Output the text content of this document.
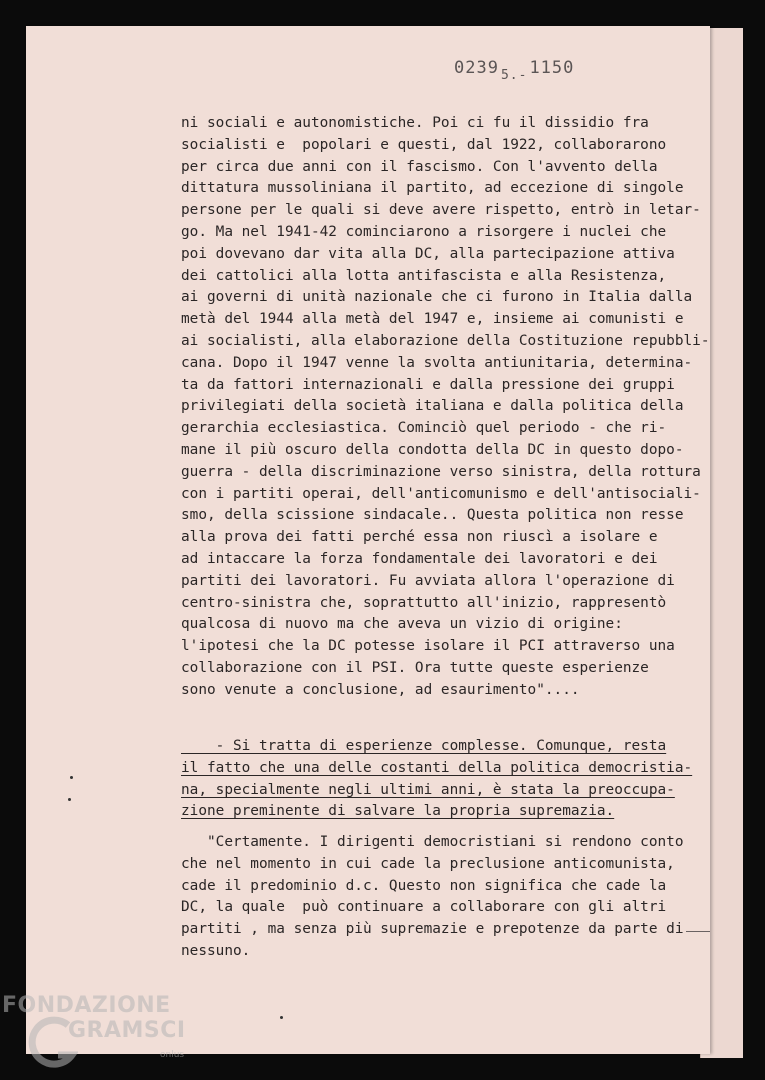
0239 $_{5.-}$ 1150
ni sociali e autonomistiche. Poi ci fu il dissidio fra
socialisti e  popolari e questi, dal 1922, collaborarono
per circa due anni con il fascismo. Con l'avvento della
dittatura mussoliniana il partito, ad eccezione di singole
persone per le quali si deve avere rispetto, entrò in letar-
go. Ma nel 1941-42 cominciarono a risorgere i nuclei che
poi dovevano dar vita alla DC, alla partecipazione attiva
dei cattolici alla lotta antifascista e alla Resistenza,
ai governi di unità nazionale che ci furono in Italia dalla
metà del 1944 alla metà del 1947 e, insieme ai comunisti e
ai socialisti, alla elaborazione della Costituzione repubbli-
cana. Dopo il 1947 venne la svolta antiunitaria, determina-
ta da fattori internazionali e dalla pressione dei gruppi
privilegiati della società italiana e dalla politica della
gerarchia ecclesiastica. Cominciò quel periodo - che ri-
mane il più oscuro della condotta della DC in questo dopo-
guerra - della discriminazione verso sinistra, della rottura
con i partiti operai, dell'anticomunismo e dell'antisociali-
smo, della scissione sindacale.. Questa politica non resse
alla prova dei fatti perché essa non riuscì a isolare e
ad intaccare la forza fondamentale dei lavoratori e dei
partiti dei lavoratori. Fu avviata allora l'operazione di
centro-sinistra che, soprattutto all'inizio, rappresentò
qualcosa di nuovo ma che aveva un vizio di origine:
l'ipotesi che la DC potesse isolare il PCI attraverso una
collaborazione con il PSI. Ora tutte queste esperienze
sono venute a conclusione, ad esaurimento"....
- Si tratta di esperienze complesse. Comunque, resta
il fatto che una delle costanti della politica democristia-
na, specialmente negli ultimi anni, è stata la preoccupa-
zione preminente di salvare la propria supremazia.
"Certamente. I dirigenti democristiani si rendono conto
che nel momento in cui cade la preclusione anticomunista,
cade il predominio d.c. Questo non significa che cade la
DC, la quale  può continuare a collaborare con gli altri
partiti , ma senza più supremazie e prepotenze da parte di
nessuno.
FONDAZIONE
GRAMSCI
onlus
